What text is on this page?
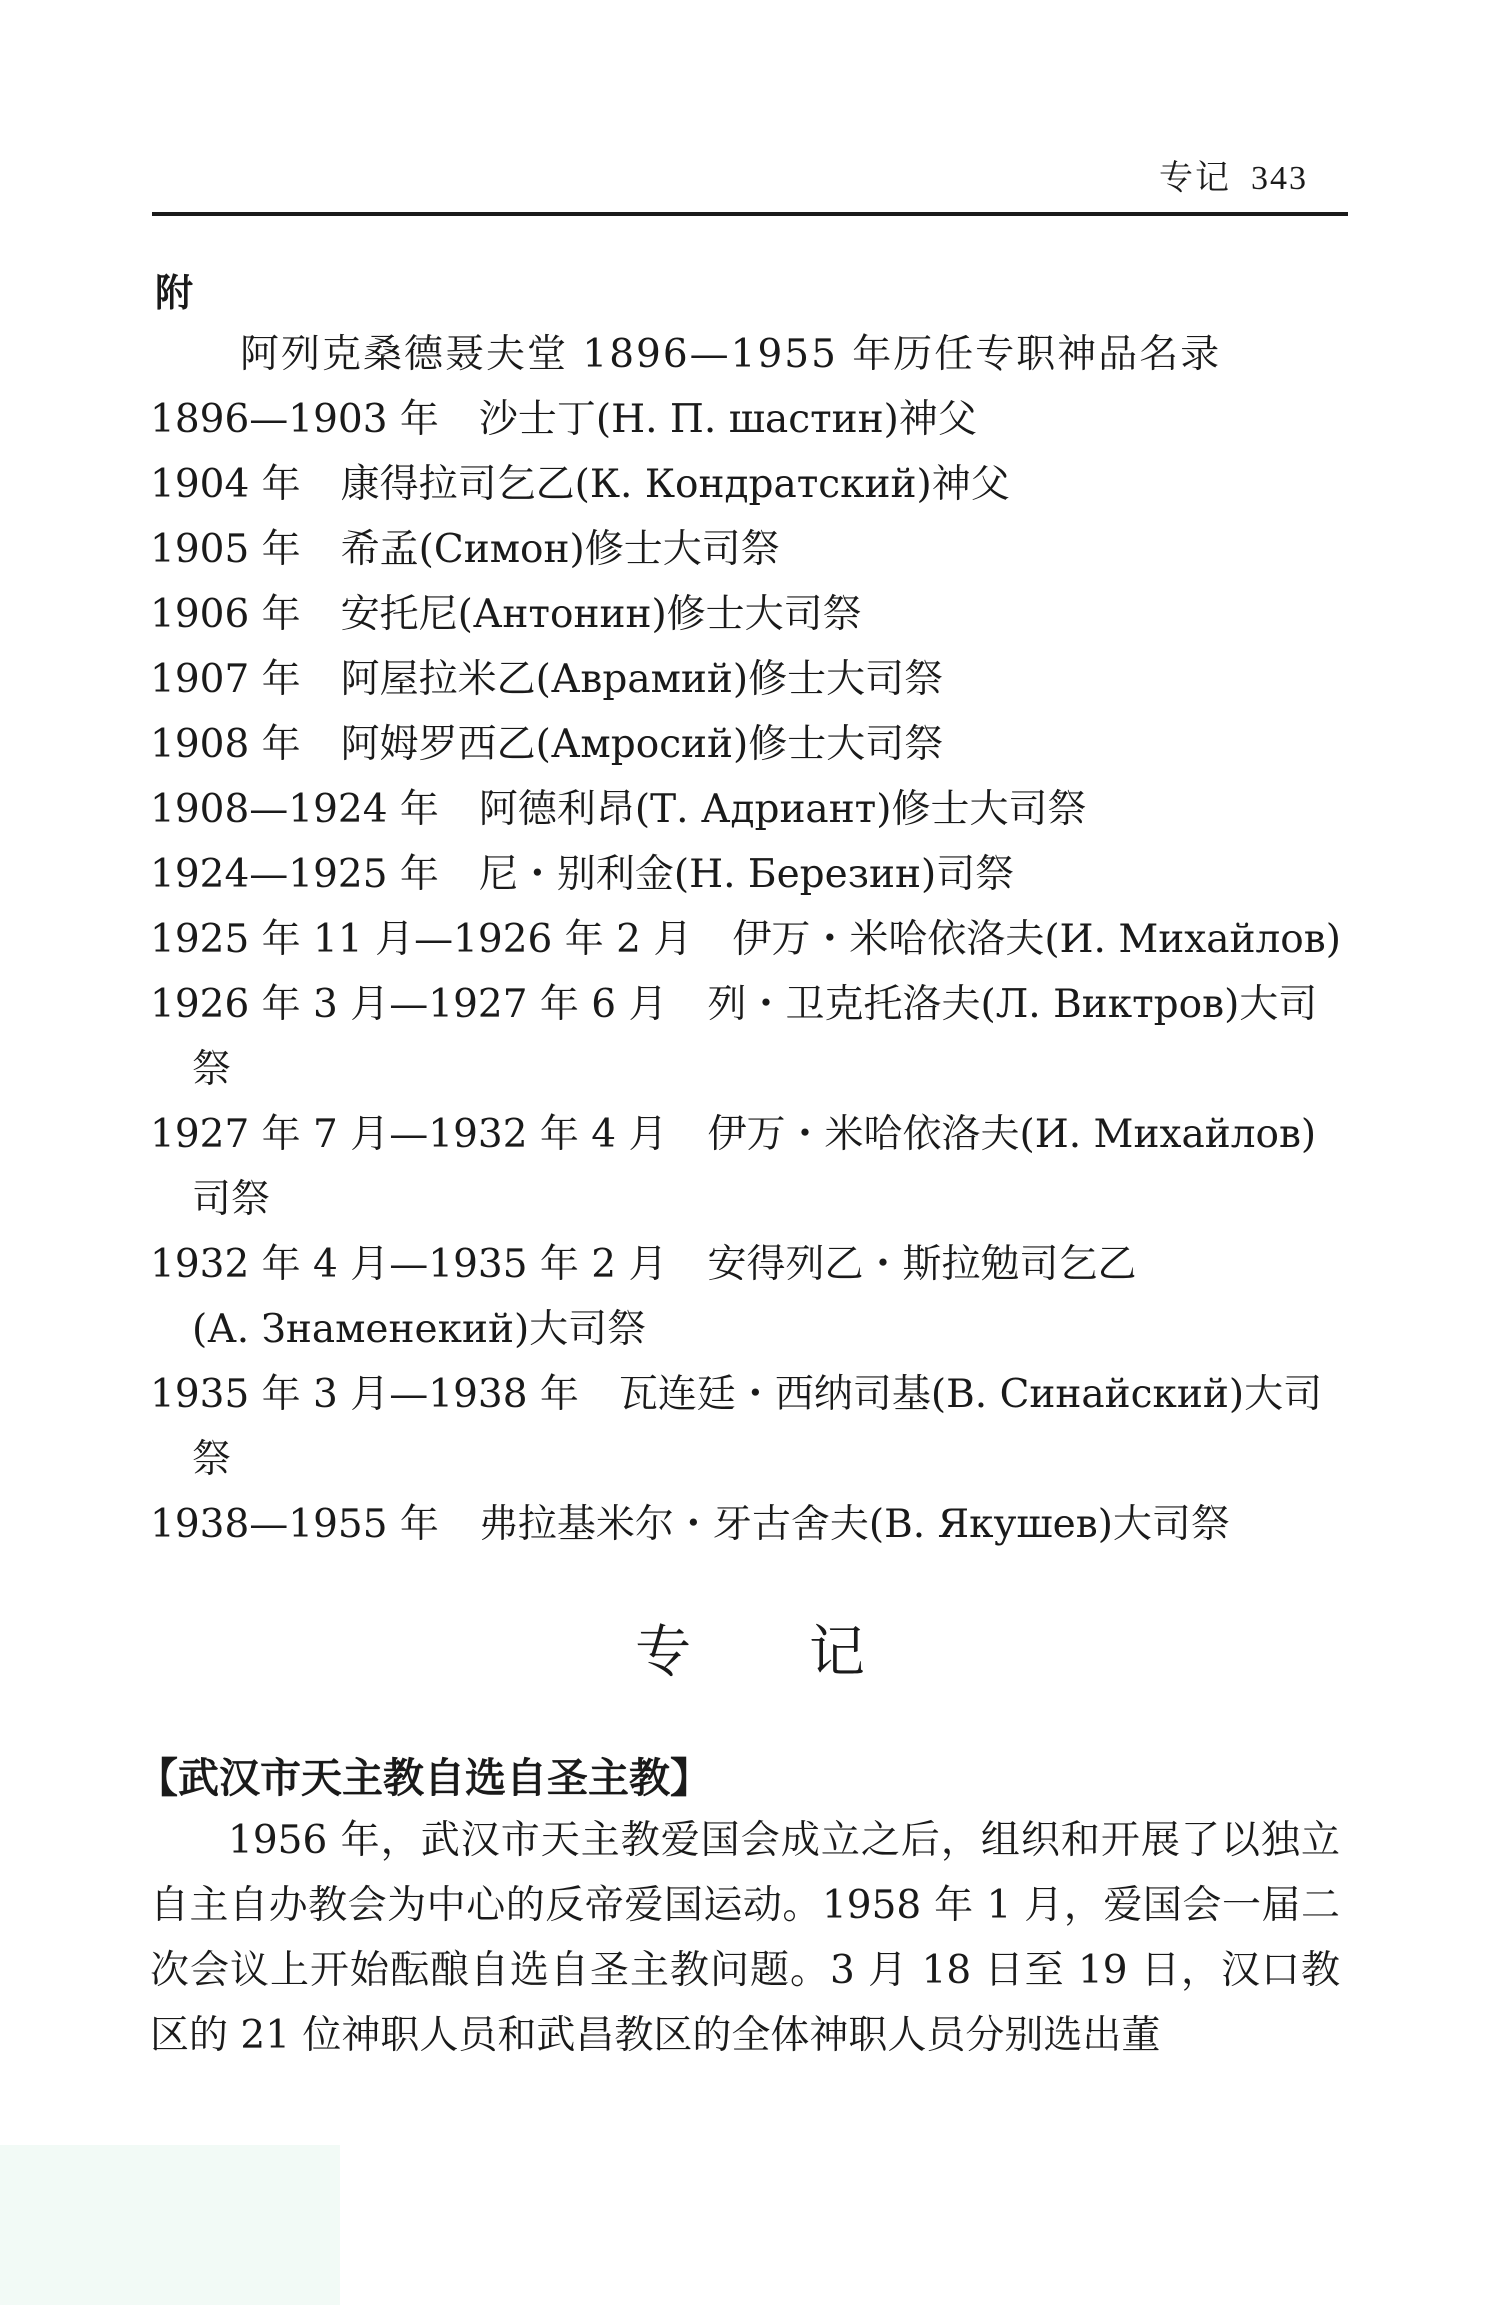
专记 343
附
阿列克桑德聂夫堂 1896—1955 年历任专职神品名录
1896—1903 年 沙士丁(Н. П. шастин)神父
1904 年 康得拉司乞乙(К. Кондратский)神父
1905 年 希孟(Симон)修士大司祭
1906 年 安托尼(Антонин)修士大司祭
1907 年 阿屋拉米乙(Аврамий)修士大司祭
1908 年 阿姆罗西乙(Амросий)修士大司祭
1908—1924 年 阿德利昂(Т. Адриант)修士大司祭
1924—1925 年 尼・别利金(Н. Березин)司祭
1925 年 11 月—1926 年 2 月 伊万・米哈依洛夫(И. Михайлов)
1926 年 3 月—1927 年 6 月 列・卫克托洛夫(Л. Виктров)大司
祭
1927 年 7 月—1932 年 4 月 伊万・米哈依洛夫(И. Михайлов)
司祭
1932 年 4 月—1935 年 2 月 安得列乙・斯拉勉司乞乙
(А. Знаменекий)大司祭
1935 年 3 月—1938 年 瓦连廷・西纳司基(В. Синайский)大司
祭
1938—1955 年 弗拉基米尔・牙古舍夫(В. Якушев)大司祭
专 记
【武汉市天主教自选自圣主教】

1956 年，武汉市天主教爱国会成立之后，组织和开展了以独立自主自办教会为中心的反帝爱国运动。1958 年 1 月，爱国会一届二次会议上开始酝酿自选自圣主教问题。3 月 18 日至 19 日，汉口教区的 21 位神职人员和武昌教区的全体神职人员分别选出董
